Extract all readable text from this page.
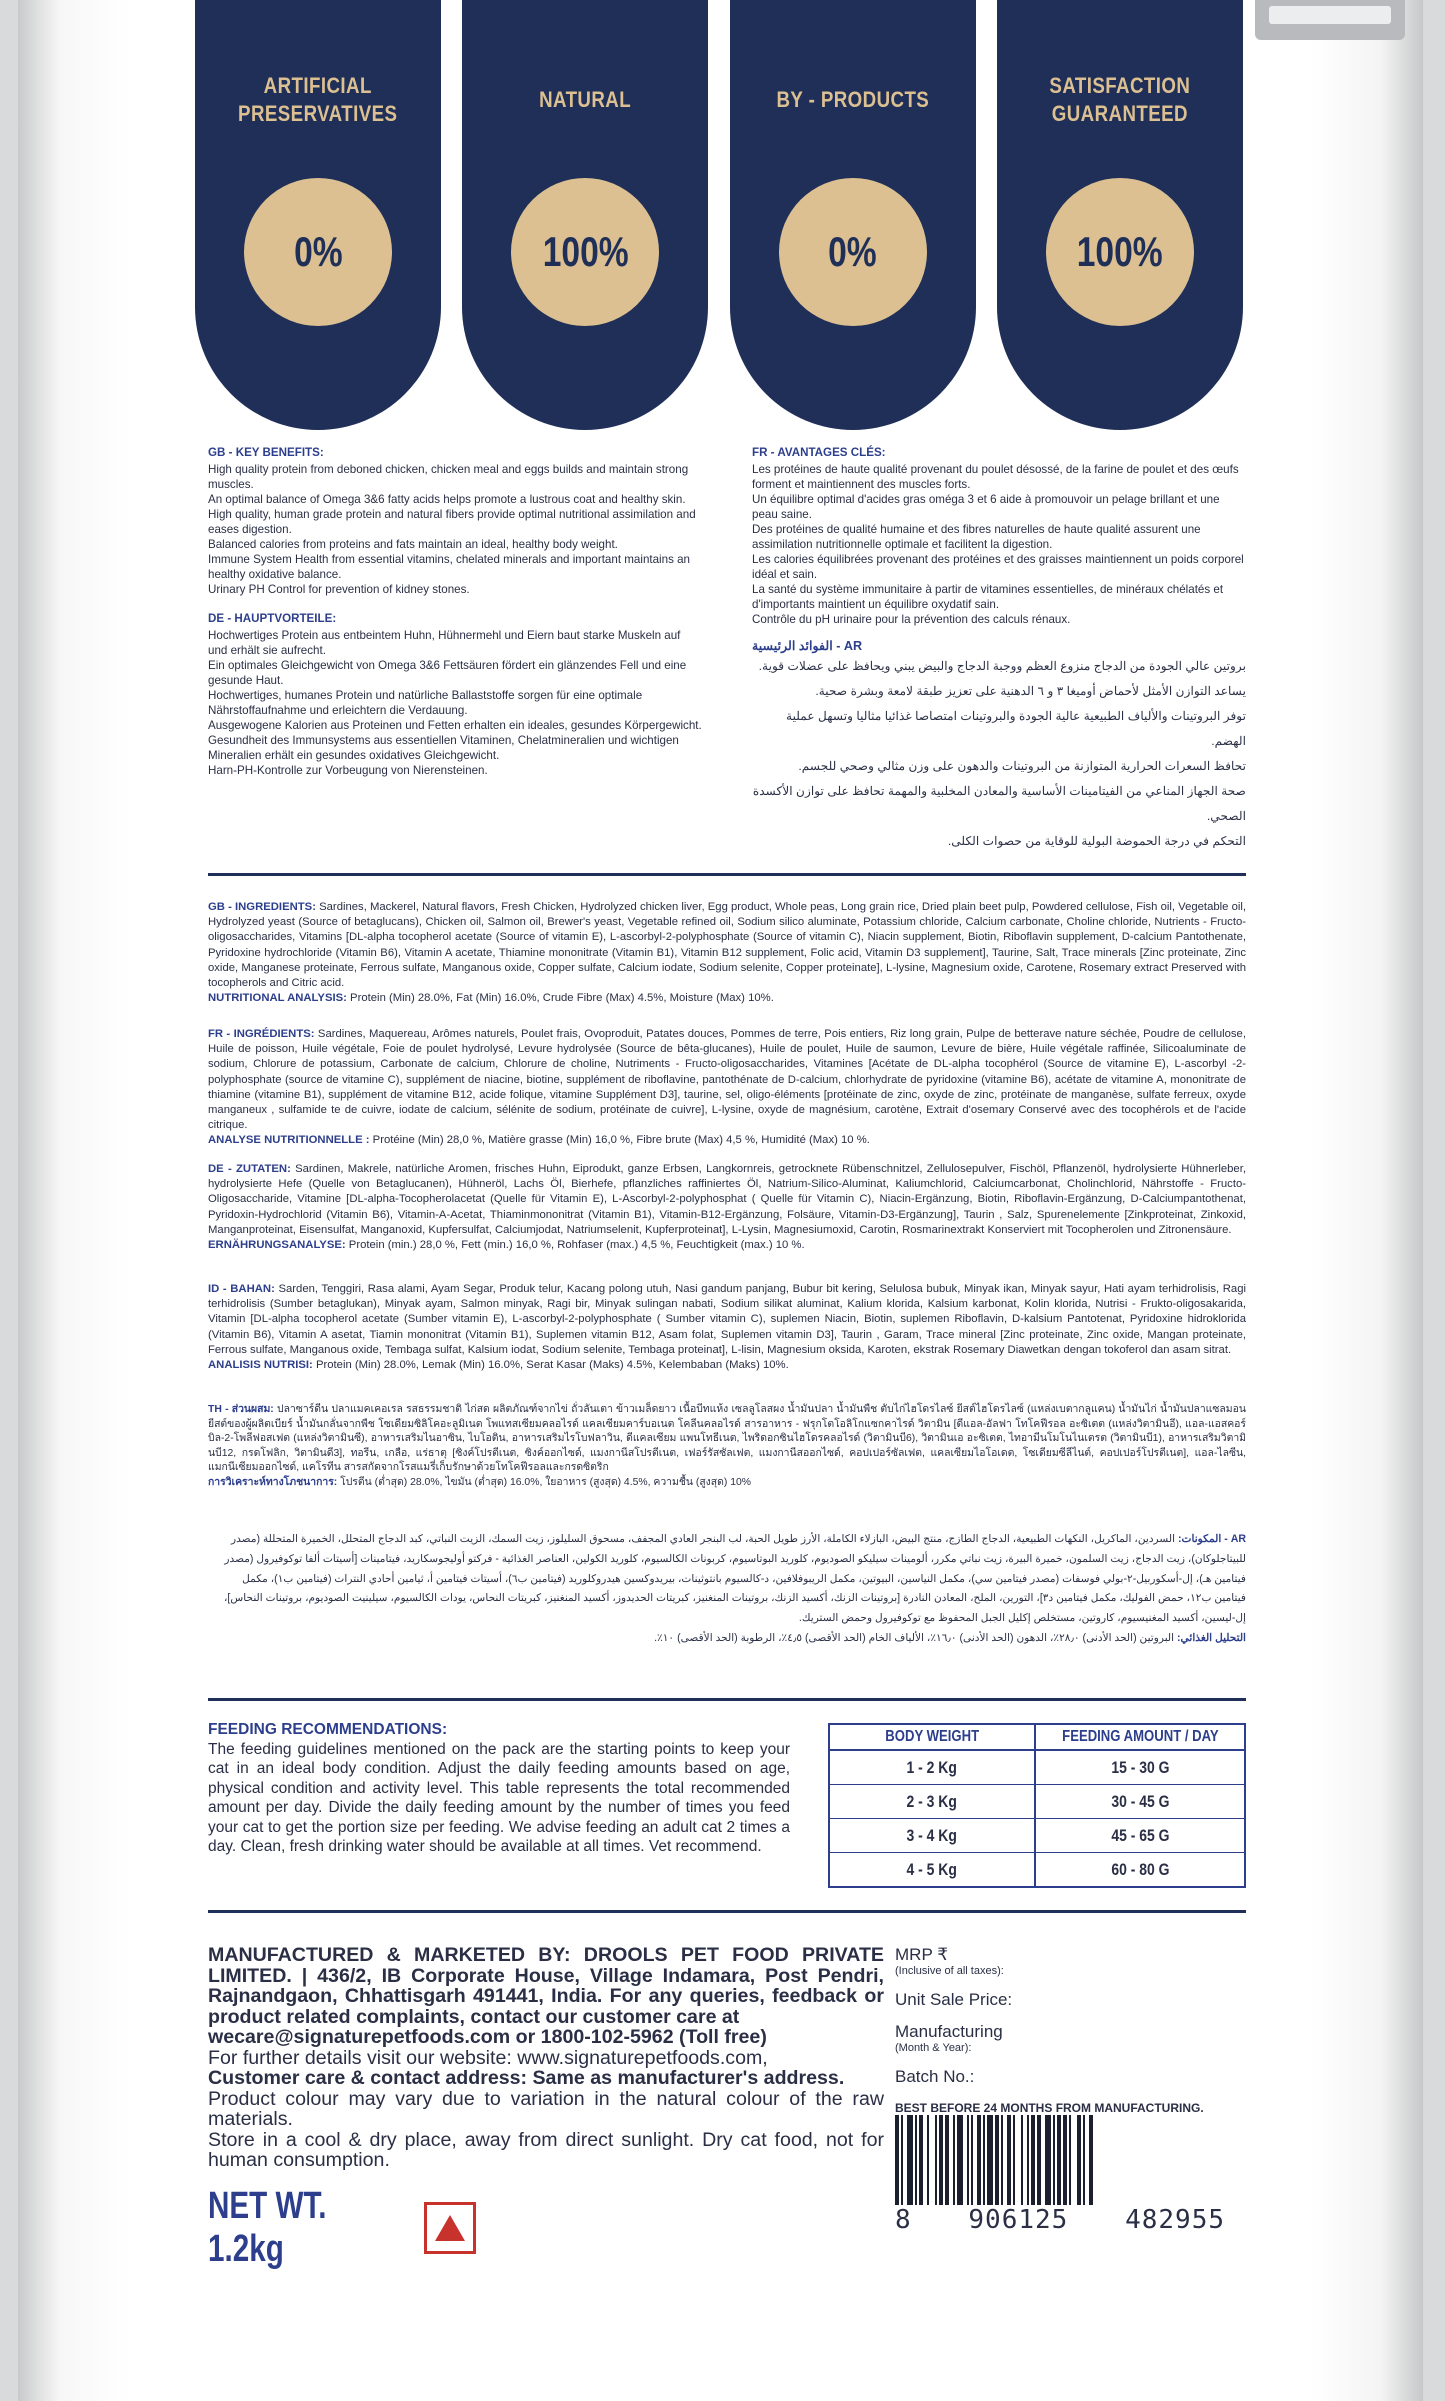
ARTIFICIAL
PRESERVATIVES
0%
NATURAL
100%
BY - PRODUCTS
0%
SATISFACTION
GUARANTEED
100%
GB - KEY BENEFITS:

High quality protein from deboned chicken, chicken meal and eggs builds and maintain strong muscles.

An optimal balance of Omega 3&6 fatty acids helps promote a lustrous coat and healthy skin.

High quality, human grade protein and natural fibers provide optimal nutritional assimilation and eases digestion.

Balanced calories from proteins and fats maintain an ideal, healthy body weight.

Immune System Health from essential vitamins, chelated minerals and important maintains an healthy oxidative balance.

Urinary PH Control for prevention of kidney stones.

DE - HAUPTVORTEILE:

Hochwertiges Protein aus entbeintem Huhn, Hühnermehl und Eiern baut starke Muskeln auf und erhält sie aufrecht.

Ein optimales Gleichgewicht von Omega 3&6 Fettsäuren fördert ein glänzendes Fell und eine gesunde Haut.

Hochwertiges, humanes Protein und natürliche Ballaststoffe sorgen für eine optimale Nährstoffaufnahme und erleichtern die Verdauung.

Ausgewogene Kalorien aus Proteinen und Fetten erhalten ein ideales, gesundes Körpergewicht.

Gesundheit des Immunsystems aus essentiellen Vitaminen, Chelatmineralien und wichtigen Mineralien erhält ein gesundes oxidatives Gleichgewicht.

Harn-PH-Kontrolle zur Vorbeugung von Nierensteinen.

FR - AVANTAGES CLÉS:

Les protéines de haute qualité provenant du poulet désossé, de la farine de poulet et des œufs forment et maintiennent des muscles forts.

Un équilibre optimal d'acides gras oméga 3 et 6 aide à promouvoir un pelage brillant et une peau saine.

Des protéines de qualité humaine et des fibres naturelles de haute qualité assurent une assimilation nutritionnelle optimale et facilitent la digestion.

Les calories équilibrées provenant des protéines et des graisses maintiennent un poids corporel idéal et sain.

La santé du système immunitaire à partir de vitamines essentielles, de minéraux chélatés et d'importants maintient un équilibre oxydatif sain.

Contrôle du pH urinaire pour la prévention des calculs rénaux.

AR - الفوائد الرئيسية

بروتين عالي الجودة من الدجاج منزوع العظم ووجبة الدجاج والبيض يبني ويحافظ على عضلات قوية.

يساعد التوازن الأمثل لأحماض أوميغا ٣ و ٦ الدهنية على تعزيز طبقة لامعة وبشرة صحية.

توفر البروتينات والألياف الطبيعية عالية الجودة والبروتينات امتصاصا غذائيا مثاليا وتسهل عملية الهضم.

تحافظ السعرات الحرارية المتوازنة من البروتينات والدهون على وزن مثالي وصحي للجسم.

صحة الجهاز المناعي من الفيتامينات الأساسية والمعادن المخلبية والمهمة تحافظ على توازن الأكسدة الصحي.

التحكم في درجة الحموضة البولية للوقاية من حصوات الكلى.

GB - INGREDIENTS: Sardines, Mackerel, Natural flavors, Fresh Chicken, Hydrolyzed chicken liver, Egg product, Whole peas, Long grain rice, Dried plain beet pulp, Powdered cellulose, Fish oil, Vegetable oil, Hydrolyzed yeast (Source of betaglucans), Chicken oil, Salmon oil, Brewer's yeast, Vegetable refined oil, Sodium silico aluminate, Potassium chloride, Calcium carbonate, Choline chloride, Nutrients - Fructo-oligosaccharides, Vitamins [DL-alpha tocopherol acetate (Source of vitamin E), L-ascorbyl-2-polyphosphate (Source of vitamin C), Niacin supplement, Biotin, Riboflavin supplement, D-calcium Pantothenate, Pyridoxine hydrochloride (Vitamin B6), Vitamin A acetate, Thiamine mononitrate (Vitamin B1), Vitamin B12 supplement, Folic acid, Vitamin D3 supplement], Taurine, Salt, Trace minerals [Zinc proteinate, Zinc oxide, Manganese proteinate, Ferrous sulfate, Manganous oxide, Copper sulfate, Calcium iodate, Sodium selenite, Copper proteinate], L-lysine, Magnesium oxide, Carotene, Rosemary extract Preserved with tocopherols and Citric acid.
NUTRITIONAL ANALYSIS: Protein (Min) 28.0%, Fat (Min) 16.0%, Crude Fibre (Max) 4.5%, Moisture (Max) 10%.
FR - INGRÉDIENTS: Sardines, Maquereau, Arômes naturels, Poulet frais, Ovoproduit, Patates douces, Pommes de terre, Pois entiers, Riz long grain, Pulpe de betterave nature séchée, Poudre de cellulose, Huile de poisson, Huile végétale, Foie de poulet hydrolysé, Levure hydrolysée (Source de bêta-glucanes), Huile de poulet, Huile de saumon, Levure de bière, Huile végétale raffinée, Silicoaluminate de sodium, Chlorure de potassium, Carbonate de calcium, Chlorure de choline, Nutriments - Fructo-oligosaccharides, Vitamines [Acétate de DL-alpha tocophérol (Source de vitamine E), L-ascorbyl -2-polyphosphate (source de vitamine C), supplément de niacine, biotine, supplément de riboflavine, pantothénate de D-calcium, chlorhydrate de pyridoxine (vitamine B6), acétate de vitamine A, mononitrate de thiamine (vitamine B1), supplément de vitamine B12, acide folique, vitamine Supplément D3], taurine, sel, oligo-éléments [protéinate de zinc, oxyde de zinc, protéinate de manganèse, sulfate ferreux, oxyde manganeux , sulfamide te de cuivre, iodate de calcium, sélénite de sodium, protéinate de cuivre], L-lysine, oxyde de magnésium, carotène, Extrait d'osemary Conservé avec des tocophérols et de l'acide citrique.
ANALYSE NUTRITIONNELLE : Protéine (Min) 28,0 %, Matière grasse (Min) 16,0 %, Fibre brute (Max) 4,5 %, Humidité (Max) 10 %.
DE - ZUTATEN: Sardinen, Makrele, natürliche Aromen, frisches Huhn, Eiprodukt, ganze Erbsen, Langkornreis, getrocknete Rübenschnitzel, Zellulosepulver, Fischöl, Pflanzenöl, hydrolysierte Hühnerleber, hydrolysierte Hefe (Quelle von Betaglucanen), Hühneröl, Lachs Öl, Bierhefe, pflanzliches raffiniertes Öl, Natrium-Silico-Aluminat, Kaliumchlorid, Calciumcarbonat, Cholinchlorid, Nährstoffe - Fructo-Oligosaccharide, Vitamine [DL-alpha-Tocopherolacetat (Quelle für Vitamin E), L-Ascorbyl-2-polyphosphat ( Quelle für Vitamin C), Niacin-Ergänzung, Biotin, Riboflavin-Ergänzung, D-Calciumpantothenat, Pyridoxin-Hydrochlorid (Vitamin B6), Vitamin-A-Acetat, Thiaminmononitrat (Vitamin B1), Vitamin-B12-Ergänzung, Folsäure, Vitamin-D3-Ergänzung], Taurin , Salz, Spurenelemente [Zinkproteinat, Zinkoxid, Manganproteinat, Eisensulfat, Manganoxid, Kupfersulfat, Calciumjodat, Natriumselenit, Kupferproteinat], L-Lysin, Magnesiumoxid, Carotin, Rosmarinextrakt Konserviert mit Tocopherolen und Zitronensäure.
ERNÄHRUNGSANALYSE: Protein (min.) 28,0 %, Fett (min.) 16,0 %, Rohfaser (max.) 4,5 %, Feuchtigkeit (max.) 10 %.
ID - BAHAN: Sarden, Tenggiri, Rasa alami, Ayam Segar, Produk telur, Kacang polong utuh, Nasi gandum panjang, Bubur bit kering, Selulosa bubuk, Minyak ikan, Minyak sayur, Hati ayam terhidrolisis, Ragi terhidrolisis (Sumber betaglukan), Minyak ayam, Salmon minyak, Ragi bir, Minyak sulingan nabati, Sodium silikat aluminat, Kalium klorida, Kalsium karbonat, Kolin klorida, Nutrisi - Frukto-oligosakarida, Vitamin [DL-alpha tocopherol acetate (Sumber vitamin E), L-ascorbyl-2-polyphosphate ( Sumber vitamin C), suplemen Niacin, Biotin, suplemen Riboflavin, D-kalsium Pantotenat, Pyridoxine hidroklorida (Vitamin B6), Vitamin A asetat, Tiamin mononitrat (Vitamin B1), Suplemen vitamin B12, Asam folat, Suplemen vitamin D3], Taurin , Garam, Trace mineral [Zinc proteinate, Zinc oxide, Mangan proteinate, Ferrous sulfate, Manganous oxide, Tembaga sulfat, Kalsium iodat, Sodium selenite, Tembaga proteinat], L-lisin, Magnesium oksida, Karoten, ekstrak Rosemary Diawetkan dengan tokoferol dan asam sitrat.
ANALISIS NUTRISI: Protein (Min) 28.0%, Lemak (Min) 16.0%, Serat Kasar (Maks) 4.5%, Kelembaban (Maks) 10%.
TH - ส่วนผสม: ปลาซาร์ดีน ปลาแมคเคอเรล รสธรรมชาติ ไก่สด ผลิตภัณฑ์จากไข่ ถั่วลันเตา ข้าวเมล็ดยาว เนื้อบีทแห้ง เซลลูโลสผง น้ำมันปลา น้ำมันพืช ตับไก่ไฮโดรไลซ์ ยีสต์ไฮโดรไลซ์ (แหล่งเบตากลูแคน) น้ำมันไก่ น้ำมันปลาแซลมอน ยีสต์ของผู้ผลิตเบียร์ น้ำมันกลั่นจากพืช โซเดียมซิลิโคอะลูมิเนต โพแทสเซียมคลอไรด์ แคลเซียมคาร์บอเนต โคลีนคลอไรด์ สารอาหาร - ฟรุกโตโอลิโกแซกคาไรด์ วิตามิน [ดีแอล-อัลฟา โทโคฟีรอล อะซิเตต (แหล่งวิตามินอี), แอล-แอสคอร์บิล-2-โพลีฟอสเฟต (แหล่งวิตามินซี), อาหารเสริมไนอาซิน, ไบโอติน, อาหารเสริมไรโบฟลาวิน, ดีแคลเซียม แพนโทธีเนต, ไพริดอกซินไฮโดรคลอไรด์ (วิตามินบี6), วิตามินเอ อะซิเตต, ไทอามีนโมโนไนเตรต (วิตามินบี1), อาหารเสริมวิตามินบี12, กรดโฟลิก, วิตามินดี3], ทอรีน, เกลือ, แร่ธาตุ [ซิงค์โปรตีเนต, ซิงค์ออกไซด์, แมงกานีสโปรตีเนต, เฟอร์รัสซัลเฟต, แมงกานีสออกไซด์, คอปเปอร์ซัลเฟต, แคลเซียมไอโอเดต, โซเดียมซีลีไนต์, คอปเปอร์โปรตีเนต], แอล-ไลซีน, แมกนีเซียมออกไซด์, แคโรทีน สารสกัดจากโรสแมรี่เก็บรักษาด้วยโทโคฟีรอลและกรดซิตริก
การวิเคราะห์ทางโภชนาการ: โปรตีน (ต่ำสุด) 28.0%, ไขมัน (ต่ำสุด) 16.0%, ใยอาหาร (สูงสุด) 4.5%, ความชื้น (สูงสุด) 10%
AR - المكونات: السردين، الماكريل، النكهات الطبيعية، الدجاج الطازج، منتج البيض، البازلاء الكاملة، الأرز طويل الحبة، لب البنجر العادي المجفف، مسحوق السليلوز، زيت السمك، الزيت النباتي، كبد الدجاج المتحلل، الخميرة المتحللة (مصدر للبيتاجلوكان)، زيت الدجاج، زيت السلمون، خميرة البيرة، زيت نباتي مكرر، ألومينات سيليكو الصوديوم، كلوريد البوتاسيوم، كربونات الكالسيوم، كلوريد الكولين، العناصر الغذائية - فركتو أوليجوسكاريد، فيتامينات [أسيتات ألفا توكوفيرول (مصدر فيتامين هـ)، إل-أسكوربيل-٢-بولي فوسفات (مصدر فيتامين سي)، مكمل النياسين، البيوتين، مكمل الريبوفلافين، د-كالسيوم بانتوثينات، بيريدوكسين هيدروكلوريد (فيتامين ب٦)، أسيتات فيتامين أ، ثيامين أحادي النترات (فيتامين ب١)، مكمل فيتامين ب١٢، حمض الفوليك، مكمل فيتامين د٣]، التورين، الملح، المعادن النادرة [بروتينات الزنك، أكسيد الزنك، بروتينات المنغنيز، كبريتات الحديدوز، أكسيد المنغنيز، كبريتات النحاس، يودات الكالسيوم، سيلينيت الصوديوم، بروتينات النحاس]، إل-ليسين، أكسيد المغنيسيوم، كاروتين، مستخلص إكليل الجبل المحفوظ مع توكوفيرول وحمض الستريك.
التحليل الغذائي: البروتين (الحد الأدنى) ٢٨٫٠٪، الدهون (الحد الأدنى) ١٦٫٠٪، الألياف الخام (الحد الأقصى) ٤٫٥٪، الرطوبة (الحد الأقصى) ١٠٪.
FEEDING RECOMMENDATIONS:

The feeding guidelines mentioned on the pack are the starting points to keep your cat in an ideal body condition. Adjust the daily feeding amounts based on age, physical condition and activity level. This table represents the total recommended amount per day. Divide the daily feeding amount by the number of times you feed your cat to get the portion size per feeding. We advise feeding an adult cat 2 times a day. Clean, fresh drinking water should be available at all times. Vet recommend.

BODY WEIGHT	FEEDING AMOUNT / DAY
1 - 2 Kg	15 - 30 G
2 - 3 Kg	30 - 45 G
3 - 4 Kg	45 - 65 G
4 - 5 Kg	60 - 80 G

MANUFACTURED & MARKETED BY: DROOLS PET FOOD PRIVATE LIMITED. | 436/2, IB Corporate House, Village Indamara, Post Pendri, Rajnandgaon, Chhattisgarh 491441, India. For any queries, feedback or product related complaints, contact our customer care at

wecare@signaturepetfoods.com or 1800-102-5962 (Toll free)

For further details visit our website: www.signaturepetfoods.com,

Customer care & contact address: Same as manufacturer's address.

Product colour may vary due to variation in the natural colour of the raw materials.

Store in a cool & dry place, away from direct sunlight. Dry cat food, not for human consumption.

NET WT. 1.2kg
MRP ₹
(Inclusive of all taxes):
Unit Sale Price:
Manufacturing
(Month & Year):
Batch No.:
BEST BEFORE 24 MONTHS FROM MANUFACTURING.
8 906125 482955
